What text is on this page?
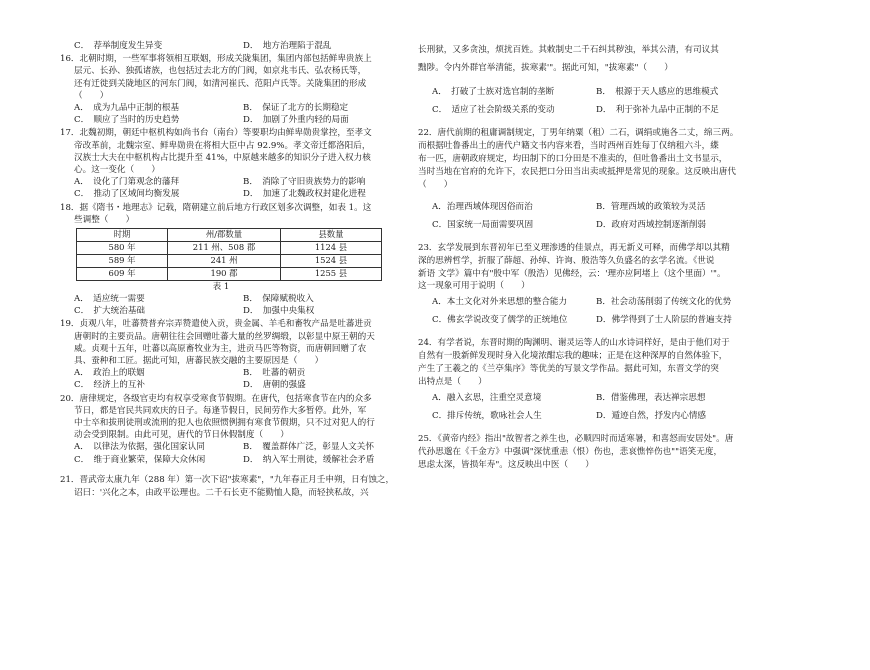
C．　荐举制度发生异变	D．　地方治理陷于混乱

16．北朝时期，一些军事将领相互联姻，形成关陇集团，集团内部包括鲜卑贵族上

层元、长孙、独孤诸族，也包括过去北方的门阀，如京兆韦氏、弘农杨氏等，

还有迁徙到关陇地区的河东门阀，如清河崔氏、范阳卢氏等。关陇集团的形成

（　　）

A．　成为九品中正制的根基	B．　保证了北方的长期稳定
C．　顺应了当时的历史趋势	D．　加剧了外重内轻的局面

17．北魏初期，朝廷中枢机构如尚书台（南台）等要职均由鲜卑勋贵掌控，至孝文

帝改革前，北魏宗室、鲜卑勋贵在将相大臣中占 92.9%。孝文帝迁都洛阳后，

汉族士大夫在中枢机构占比提升至 41%，中原越来越多的知识分子进入权力核

心。这一变化（　　）

A．　设化了门第观念的藩拜	B．　消除了守旧贵族势力的影响
C．　推动了区域间均衡发展	D．　加速了北魏政权封建化进程

18．据《隋书・地理志》记载，隋朝建立前后地方行政区划多次调整，如表 1。这

些调整（　　）

时期	州/郡数量	县数量
580 年	211 州、508 郡	1124 县
589 年	241 州	1524 县
609 年	190 郡	1255 县

表 1

A．　适应统一需要	B．　保障赋税收入
C．　扩大统治基础	D．　加强中央集权

19．贞观八年，吐蕃赞普弃宗弄赞遣使入贡，贵金属、羊毛和畜牧产品是吐蕃进贡

唐朝时的主要贡品。唐朝往往会回赠吐蕃大量的丝罗绸缎，以彰显中原王朝的天

威。贞观十五年，吐蕃以高原畜牧业为主，进贡马匹等物资，而唐朝回赠了农

具、蚕种和工匠。据此可知，唐蕃民族交融的主要原因是（　　）

A．　政治上的联姻	B．　吐蕃的朝贡
C．　经济上的互补	D．　唐朝的强盛

20．唐律规定，各级官吏均有权享受寒食节假期。在唐代，包括寒食节在内的众多

节日，都是官民共同欢庆的日子。每逢节假日，民间劳作大多暂停。此外，军

中士卒和拔刑徒刑或流刑的犯人也依照惯例拥有寒食节假期，只不过对犯人的行

动会受到限制。由此可见，唐代的节日休假制度（　　）

A．　以律法为依据，强化国家认同	B．　覆盖群体广泛，彰显人文关怀
C．　维于商业繁荣，保障大众休闲	D．　纳入军士刑徒，缓解社会矛盾

21．晋武帝太康九年（288 年）第一次下诏"拔寒素"，"九年春正月壬申朔，日有蚀之，

诏曰：'兴化之本，由政平讼理也。二千石长吏不能勤恤人隐，而轻挟私故，兴

长刑狱，又多贪浊，烦扰百姓。其敕制史二千石纠其秽浊，举其公清，有司议其

黜陟。令内外群官举清能，拔寒素'"。据此可知，"拔寒素"（　　）

A．　打破了士族对选官制的垄断	B．　根源于天人感应的思维模式
C．　适应了社会阶级关系的变动	D．　利于弥补九品中正制的不足

22．唐代前期的租庸调制规定，丁男年纳粟（租）二石，调绢或施各二丈，绵三两。

而根据吐鲁番出土的唐代户籍文书内容来看，当时西州百姓每丁仅纳租六斗，緤

布一匹，唐朝政府规定，均田制下的口分田是不准卖的，但吐鲁番出土文书显示，

当时当地在官府的允许下，农民把口分田当出卖或抵押是常见的现象。这反映出唐代

（　　）

A．治理西域体现因俗而治	B．管理西域的政策较为灵活
C．国家统一局面需要巩固	D．政府对西域控制逐渐削弱

23．玄学发展到东晋初年已至义理渗透的佳景点，再无新义可释，而佛学却以其精

深的思辨哲学，折服了薛超、孙绰、许询、殷浩等久负盛名的玄学名流。《世说

新语 文学》篇中有"殷中军（殷浩）见佛经，云：'理亦应阿堵上（这个里面）'"。

这一现象可用于说明（　　）

A．本土文化对外来思想的整合能力	B．社会动荡削弱了传统文化的优势
C．佛玄学说改变了儒学的正统地位	D．佛学得到了士人阶层的普遍支持

24．有学者说，东晋时期的陶渊明、谢灵运等人的山水诗词样好，是由于他们对于

自然有一股新鲜发现时身入化境浓酣忘我的趣味；正是在这种深厚的自然体验下，

产生了王羲之的《兰亭集序》等优美的写景文学作品。据此可知，东晋文学的突

出特点是（　　）

A．融入玄思，注重空灵意境	B．借鉴佛理，表达禅宗思想
C．排斥传统，歌咏社会人生	D．遁迹自然，抒发内心情感

25．《黄帝内经》指出"故智者之养生也，必顺四时而适寒暑，和喜怒而安居处"。唐

代孙思邈在《千金方》中强调"深忧重恚（恨）伤也，悲哀憔悴伤也""语笑无度，

思虑太深，皆损年寿"。这反映出中医（　　）
